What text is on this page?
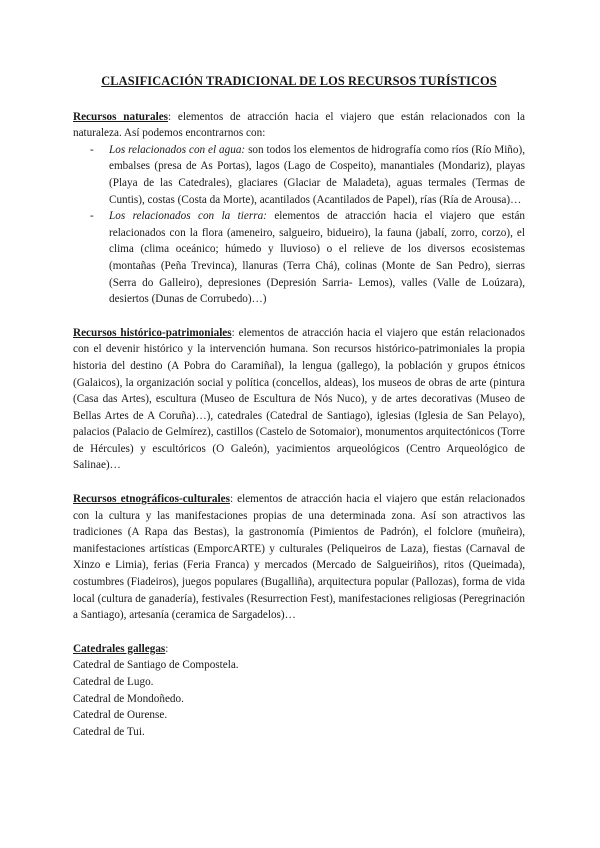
CLASIFICACIÓN TRADICIONAL DE LOS RECURSOS TURÍSTICOS

Recursos naturales: elementos de atracción hacia el viajero que están relacionados con la naturaleza. Así podemos encontrarnos con:

- Los relacionados con el agua: son todos los elementos de hidrografía como ríos (Río Miño), embalses (presa de As Portas), lagos (Lago de Cospeito), manantiales (Mondariz), playas (Playa de las Catedrales), glaciares (Glaciar de Maladeta), aguas termales (Termas de Cuntis), costas (Costa da Morte), acantilados (Acantilados de Papel), rías (Ría de Arousa)…
- Los relacionados con la tierra: elementos de atracción hacia el viajero que están relacionados con la flora (ameneiro, salgueiro, bidueiro), la fauna (jabalí, zorro, corzo), el clima (clima oceánico; húmedo y lluvioso) o el relieve de los diversos ecosistemas (montañas (Peña Trevinca), llanuras (Terra Chá), colinas (Monte de San Pedro), sierras (Serra do Galleiro), depresiones (Depresión Sarria- Lemos), valles (Valle de Loúzara), desiertos (Dunas de Corrubedo)…)

Recursos histórico-patrimoniales: elementos de atracción hacia el viajero que están relacionados con el devenir histórico y la intervención humana. Son recursos histórico-patrimoniales la propia historia del destino (A Pobra do Caramiñal), la lengua (gallego), la población y grupos étnicos (Galaicos), la organización social y política (concellos, aldeas), los museos de obras de arte (pintura (Casa das Artes), escultura (Museo de Escultura de Nós Nuco), y de artes decorativas (Museo de Bellas Artes de A Coruña)…), catedrales (Catedral de Santiago), iglesias (Iglesia de San Pelayo), palacios (Palacio de Gelmírez), castillos (Castelo de Sotomaior), monumentos arquitectónicos (Torre de Hércules) y escultóricos (O Galeón), yacimientos arqueológicos (Centro Arqueológico de Salinae)…

Recursos etnográficos-culturales: elementos de atracción hacia el viajero que están relacionados con la cultura y las manifestaciones propias de una determinada zona. Así son atractivos las tradiciones (A Rapa das Bestas), la gastronomía (Pimientos de Padrón), el folclore (muñeira), manifestaciones artísticas (EmporcARTE) y culturales (Peliqueiros de Laza), fiestas (Carnaval de Xinzo e Limia), ferias (Feria Franca) y mercados (Mercado de Salgueiriños), ritos (Queimada), costumbres (Fiadeiros), juegos populares (Bugalliña), arquitectura popular (Pallozas), forma de vida local (cultura de ganadería), festivales (Resurrection Fest), manifestaciones religiosas (Peregrinación a Santiago), artesanía (ceramica de Sargadelos)…

Catedrales gallegas:

Catedral de Santiago de Compostela.
Catedral de Lugo.
Catedral de Mondoñedo.
Catedral de Ourense.
Catedral de Tui.
